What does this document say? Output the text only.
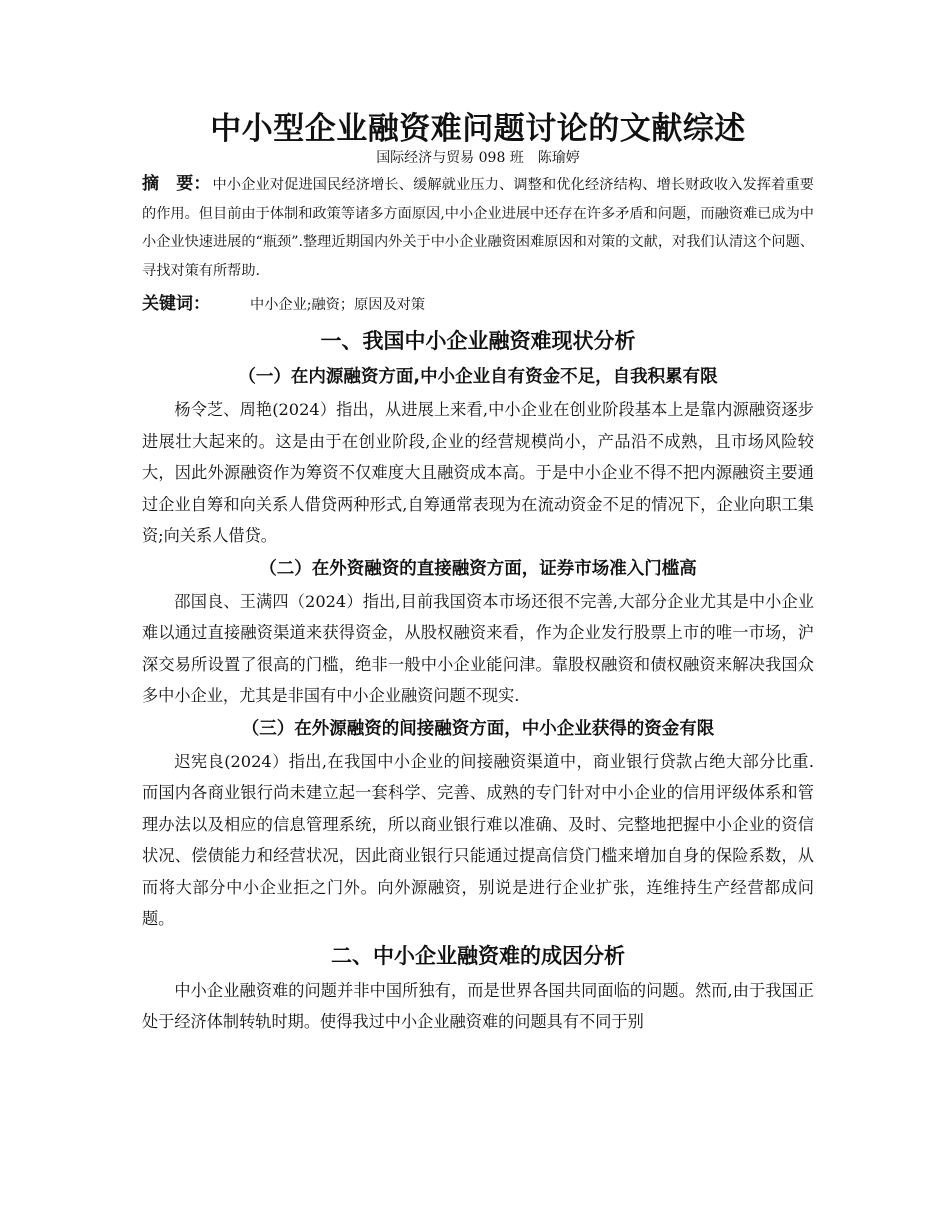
中小型企业融资难问题讨论的文献综述

国际经济与贸易 098 班　陈瑜婷

摘　要： 中小企业对促进国民经济增长、缓解就业压力、调整和优化经济结构、增长财政收入发挥着重要的作用。但目前由于体制和政策等诸多方面原因,中小企业进展中还存在许多矛盾和问题，而融资难已成为中小企业快速进展的“瓶颈”.整理近期国内外关于中小企业融资困难原因和对策的文献，对我们认清这个问题、寻找对策有所帮助.

关键词：	中小企业;融资；原因及对策

一、我国中小企业融资难现状分析

（一）在内源融资方面,中小企业自有资金不足，自我积累有限

杨令芝、周艳(2024）指出，从进展上来看,中小企业在创业阶段基本上是靠内源融资逐步进展壮大起来的。这是由于在创业阶段,企业的经营规模尚小，产品沿不成熟，且市场风险较大，因此外源融资作为筹资不仅难度大且融资成本高。于是中小企业不得不把内源融资主要通过企业自筹和向关系人借贷两种形式,自筹通常表现为在流动资金不足的情况下，企业向职工集资;向关系人借贷。

（二）在外资融资的直接融资方面，证券市场准入门槛高

邵国良、王满四（2024）指出,目前我国资本市场还很不完善,大部分企业尤其是中小企业难以通过直接融资渠道来获得资金，从股权融资来看，作为企业发行股票上市的唯一市场，沪深交易所设置了很高的门槛，绝非一般中小企业能问津。靠股权融资和债权融资来解决我国众多中小企业，尤其是非国有中小企业融资问题不现实.

（三）在外源融资的间接融资方面，中小企业获得的资金有限

迟宪良(2024）指出,在我国中小企业的间接融资渠道中，商业银行贷款占绝大部分比重.而国内各商业银行尚未建立起一套科学、完善、成熟的专门针对中小企业的信用评级体系和管理办法以及相应的信息管理系统，所以商业银行难以准确、及时、完整地把握中小企业的资信状况、偿债能力和经营状况，因此商业银行只能通过提高信贷门槛来增加自身的保险系数，从而将大部分中小企业拒之门外。向外源融资，别说是进行企业扩张，连维持生产经营都成问题。

二、中小企业融资难的成因分析

中小企业融资难的问题并非中国所独有，而是世界各国共同面临的问题。然而,由于我国正处于经济体制转轨时期。使得我过中小企业融资难的问题具有不同于别
